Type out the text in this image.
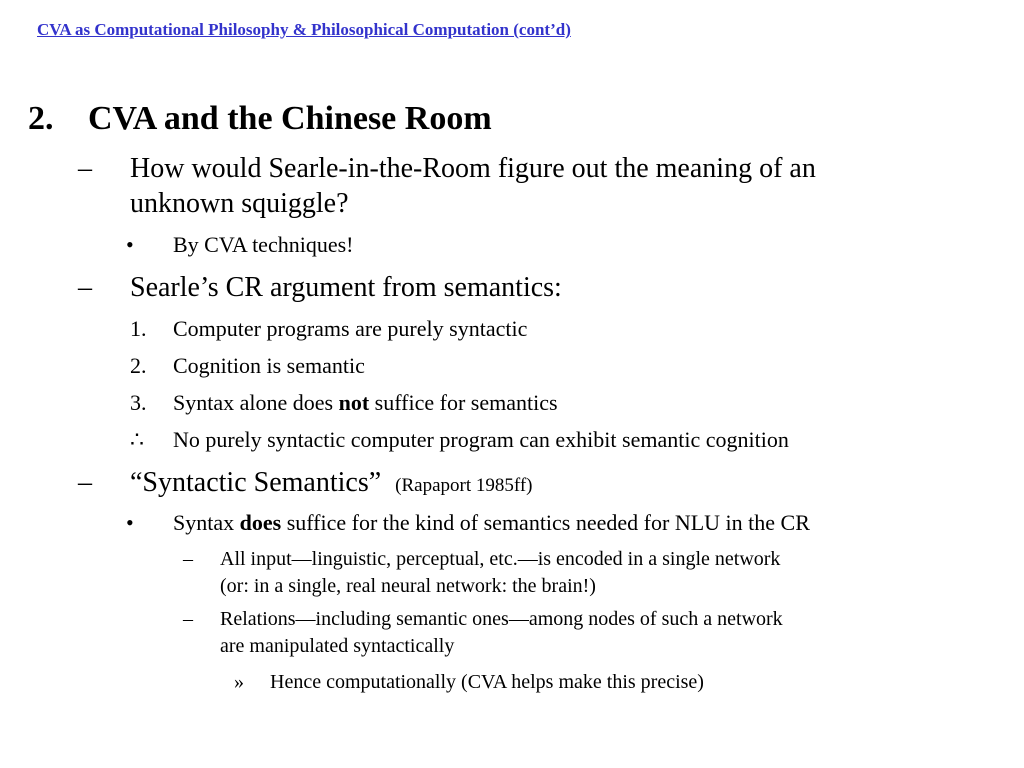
CVA as Computational Philosophy & Philosophical Computation (cont’d)
2. CVA and the Chinese Room
– How would Searle-in-the-Room figure out the meaning of an
unknown squiggle?
• By CVA techniques!
– Searle’s CR argument from semantics:
1. Computer programs are purely syntactic
2. Cognition is semantic
3. Syntax alone does not suffice for semantics
∴ No purely syntactic computer program can exhibit semantic cognition
– “Syntactic Semantics” (Rapaport 1985ff)
• Syntax does suffice for the kind of semantics needed for NLU in the CR
– All input—linguistic, perceptual, etc.—is encoded in a single network
(or: in a single, real neural network: the brain!)
– Relations—including semantic ones—among nodes of such a network
are manipulated syntactically
» Hence computationally (CVA helps make this precise)
